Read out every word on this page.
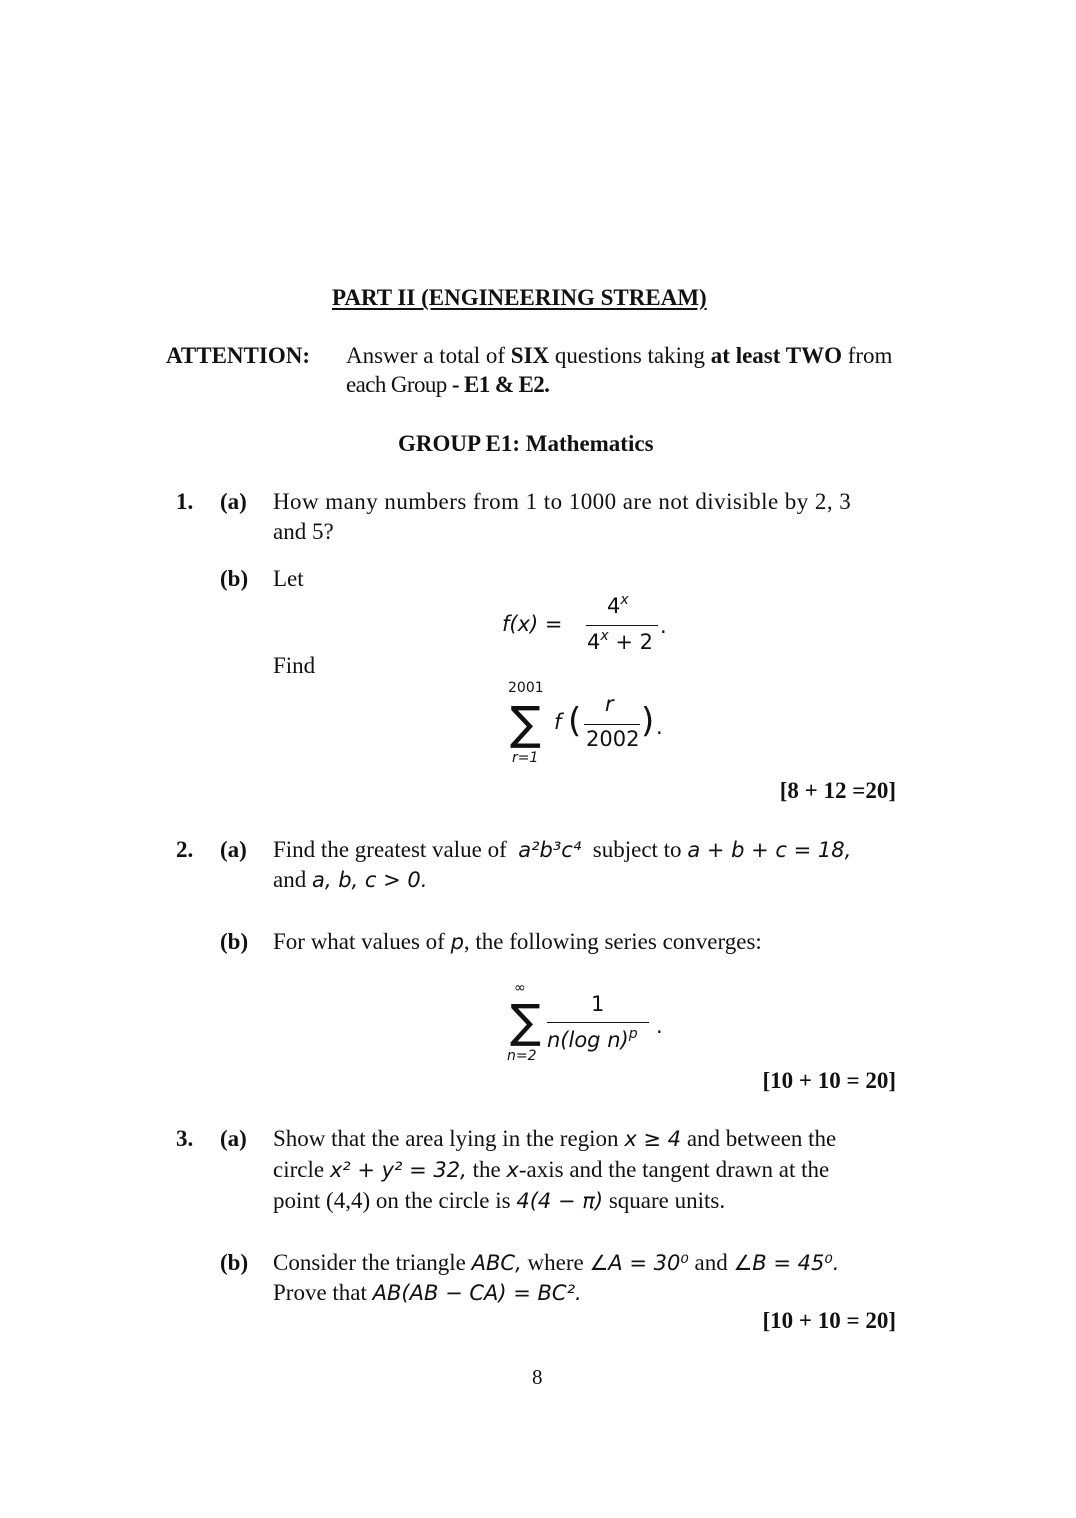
PART II (ENGINEERING STREAM)
ATTENTION: Answer a total of SIX questions taking at least TWO from
each Group - E1 & E2.
GROUP E1: Mathematics
1. (a) How many numbers from 1 to 1000 are not divisible by 2, 3
and 5?
(b) Let
f(x) =
$4^x$
$4^x + 2$
.
Find
2001
∑
r=1
f ( r
2002 ) .
[8 + 12 =20]
2. (a) Find the greatest value of a²b³c⁴ subject to a + b + c = 18,
and a, b, c > 0.
(b) For what values of p, the following series converges:
∞
∑
n=2
1
n(log n)$^p$ .
[10 + 10 = 20]
3. (a) Show that the area lying in the region x ≥ 4 and between the
circle x² + y² = 32, the x-axis and the tangent drawn at the
point (4,4) on the circle is 4(4 − π) square units.
(b) Consider the triangle ABC, where ∠A = 30⁰ and ∠B = 45⁰.
Prove that AB(AB − CA) = BC².
[10 + 10 = 20]
8
